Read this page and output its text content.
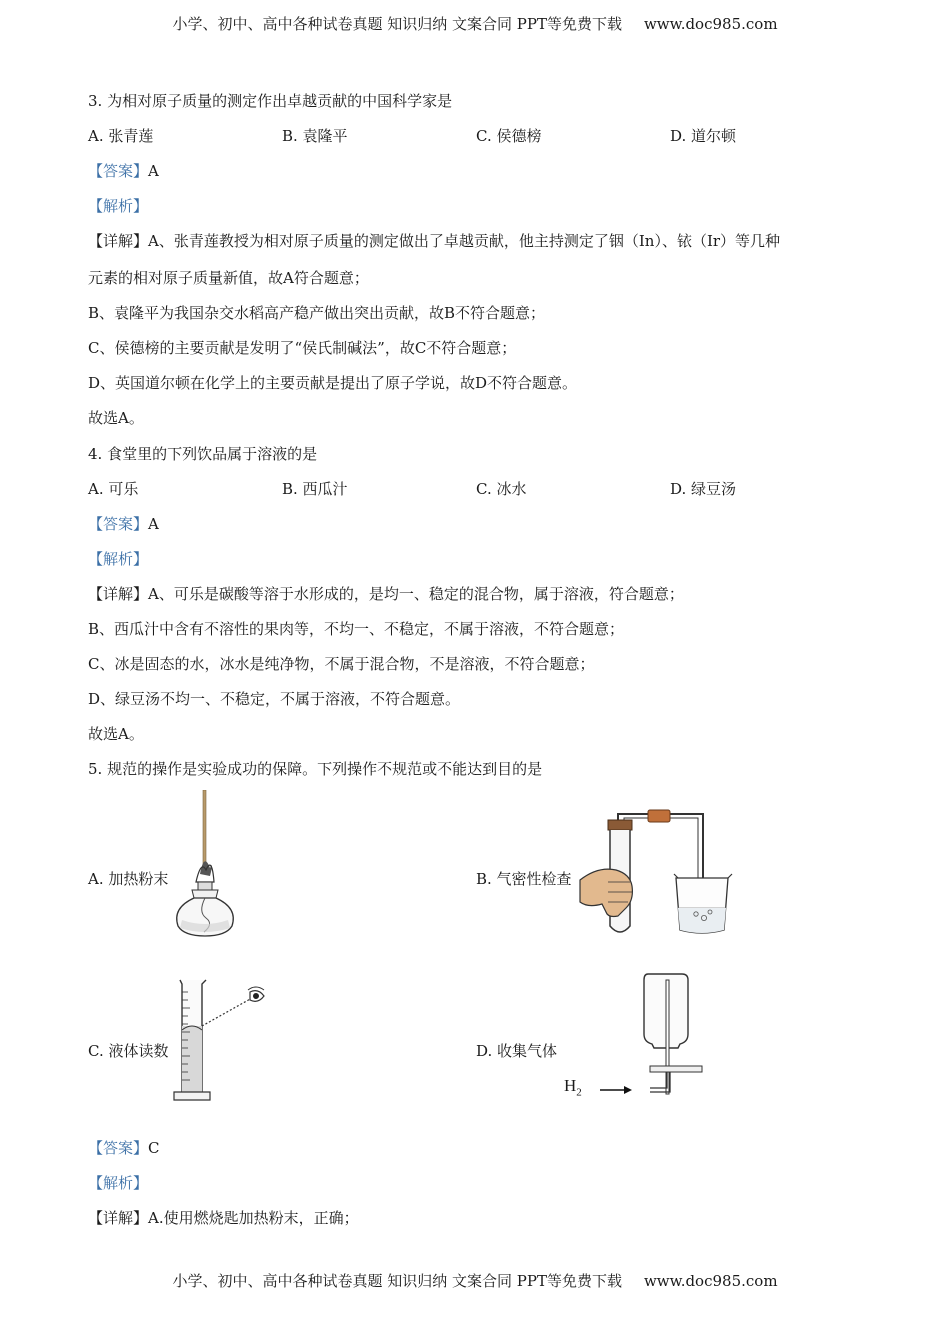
小学、初中、高中各种试卷真题 知识归纳 文案合同 PPT等免费下载 www.doc985.com
3. 为相对原子质量的测定作出卓越贡献的中国科学家是
A. 张青莲	B. 袁隆平	C. 侯德榜	D. 道尔顿
【答案】A
【解析】
【详解】A、张青莲教授为相对原子质量的测定做出了卓越贡献，他主持测定了铟（In）、铱（Ir）等几种
元素的相对原子质量新值，故A符合题意；
B、袁隆平为我国杂交水稻高产稳产做出突出贡献，故B不符合题意；
C、侯德榜的主要贡献是发明了“侯氏制碱法”，故C不符合题意；
D、英国道尔顿在化学上的主要贡献是提出了原子学说，故D不符合题意。
故选A。
4. 食堂里的下列饮品属于溶液的是
A. 可乐	B. 西瓜汁	C. 冰水	D. 绿豆汤
【答案】A
【解析】
【详解】A、可乐是碳酸等溶于水形成的，是均一、稳定的混合物，属于溶液，符合题意；
B、西瓜汁中含有不溶性的果肉等，不均一、不稳定，不属于溶液，不符合题意；
C、冰是固态的水，冰水是纯净物，不属于混合物，不是溶液，不符合题意；
D、绿豆汤不均一、不稳定，不属于溶液，不符合题意。
故选A。
5. 规范的操作是实验成功的保障。下列操作不规范或不能达到目的是
A. 加热粉末	B. 气密性检查
C. 液体读数	D. 收集气体
$H_2$
【答案】C
【解析】
【详解】A.使用燃烧匙加热粉末，正确；
小学、初中、高中各种试卷真题 知识归纳 文案合同 PPT等免费下载 www.doc985.com
